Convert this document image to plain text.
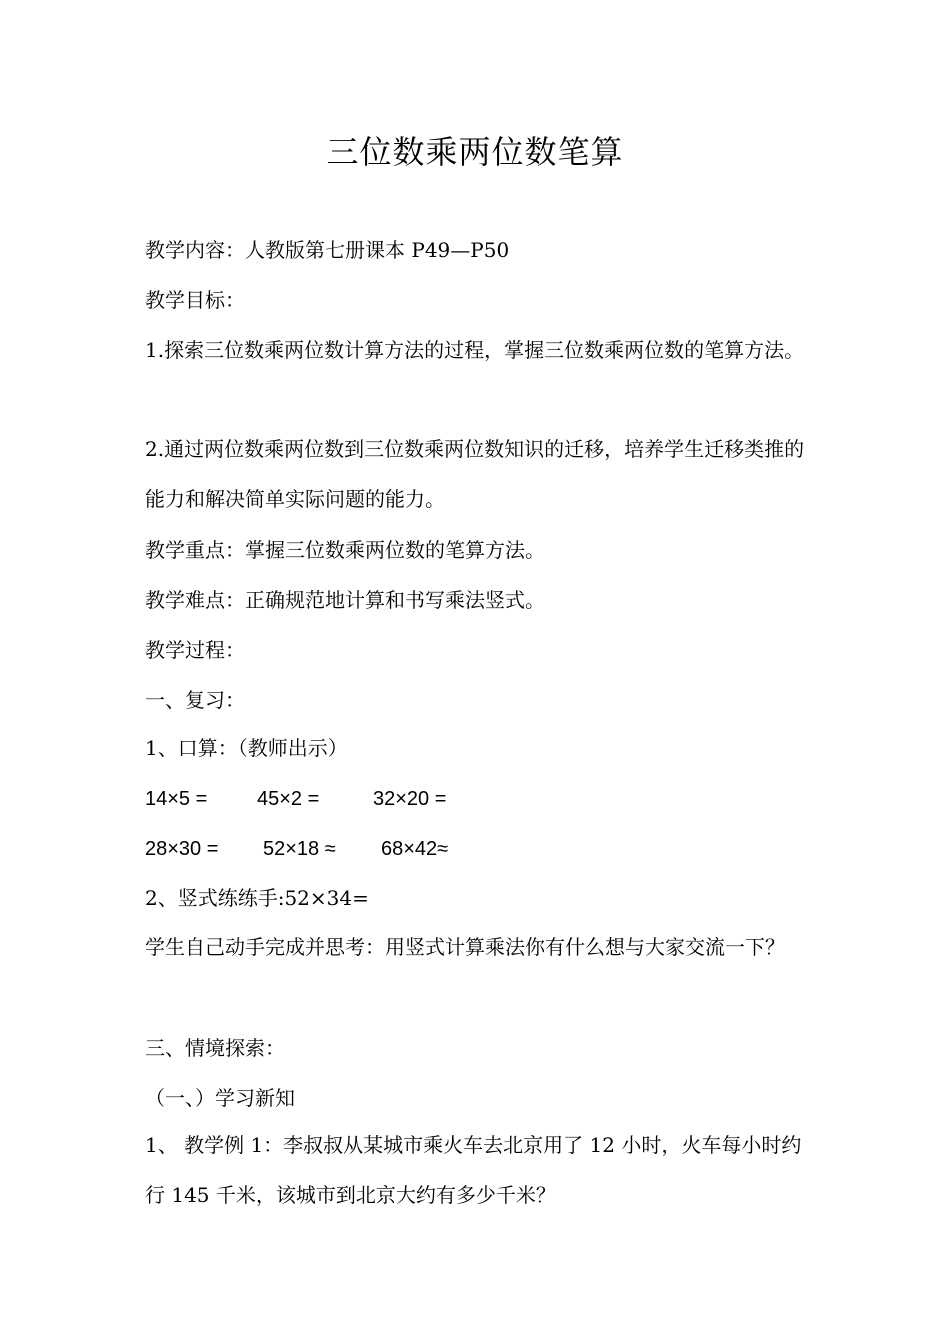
三位数乘两位数笔算
教学内容：人教版第七册课本 P49—P50
教学目标：
1.探索三位数乘两位数计算方法的过程，掌握三位数乘两位数的笔算方法。
2.通过两位数乘两位数到三位数乘两位数知识的迁移，培养学生迁移类推的能力和解决简单实际问题的能力。
教学重点：掌握三位数乘两位数的笔算方法。
教学难点：正确规范地计算和书写乘法竖式。
教学过程：
一、复习：
1、口算：（教师出示）
14×5 = 45×2 =	32×20 =
28×30 = 52×18 ≈ 68×42≈
2、竖式练练手:52×34=
学生自己动手完成并思考：用竖式计算乘法你有什么想与大家交流一下？
三、情境探索：
（一、）学习新知
1、 教学例 1：李叔叔从某城市乘火车去北京用了 12 小时，火车每小时约行 145 千米，该城市到北京大约有多少千米？
